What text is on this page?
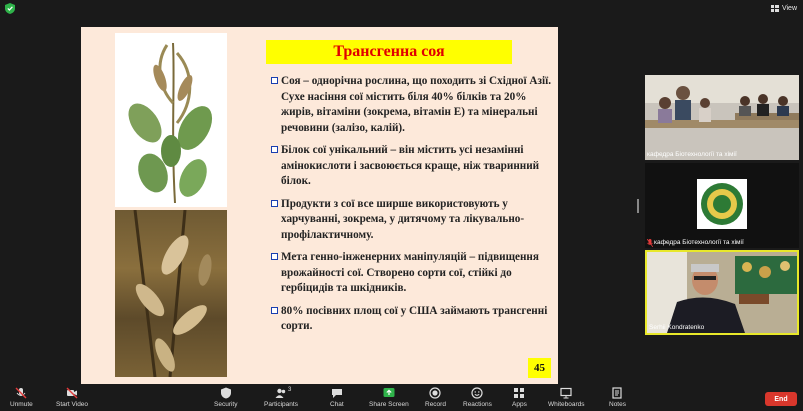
View
Трансгенна соя
Соя – однорічна рослина, що походить зі Східної Азії. Сухе насіння сої містить біля 40% білків та 20% жирів, вітаміни (зокрема, вітамін Е) та мінеральні речовини (залізо, калій).
Білок сої унікальний – він містить усі незамінні амінокислоти і засвоюється краще, ніж тваринний білок.
Продукти з сої все ширше використовують у харчуванні, зокрема, у дитячому та лікувально-профілактичному.
Мета генно-інженерних маніпуляцій – підвищення врожайності сої. Створено сорти сої, стійкі до гербіцидів та шкідників.
80% посівних площ сої у США займають трансгенні сорти.
45
кафедра Біотехнології та хімії
кафедра Біотехнології та хімії
Serhii Kondratenko
Unmute	Start Video	Security	Participants
3
Chat	Share Screen	Record	Reactions	Apps	Whiteboards	Notes
End
